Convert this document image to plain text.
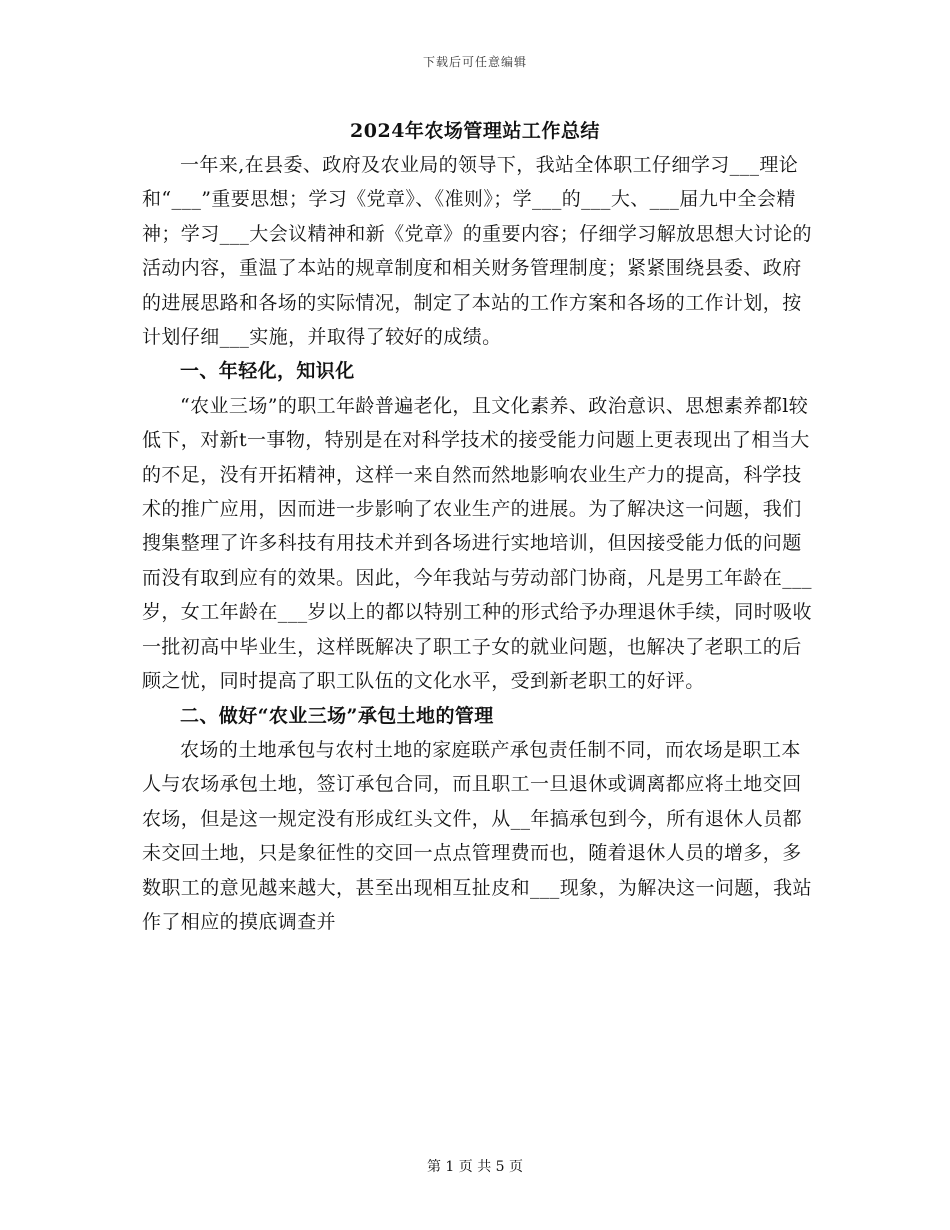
下载后可任意编辑
2024年农场管理站工作总结

一年来,在县委、政府及农业局的领导下，我站全体职工仔细学习___理论和“___”重要思想；学习《党章》、《准则》；学___的___大、___届九中全会精神；学习___大会议精神和新《党章》的重要内容；仔细学习解放思想大讨论的活动内容，重温了本站的规章制度和相关财务管理制度；紧紧围绕县委、政府的进展思路和各场的实际情况，制定了本站的工作方案和各场的工作计划，按计划仔细___实施，并取得了较好的成绩。

一、年轻化，知识化

“农业三场”的职工年龄普遍老化，且文化素养、政治意识、思想素养都l较低下，对新t一事物，特别是在对科学技术的接受能力问题上更表现出了相当大的不足，没有开拓精神，这样一来自然而然地影响农业生产力的提高，科学技术的推广应用，因而进一步影响了农业生产的进展。为了解决这一问题，我们搜集整理了许多科技有用技术并到各场进行实地培训，但因接受能力低的问题而没有取到应有的效果。因此，今年我站与劳动部门协商，凡是男工年龄在___岁，女工年龄在___岁以上的都以特别工种的形式给予办理退休手续，同时吸收一批初高中毕业生，这样既解决了职工子女的就业问题，也解决了老职工的后顾之忧，同时提高了职工队伍的文化水平，受到新老职工的好评。

二、做好“农业三场”承包土地的管理

农场的土地承包与农村土地的家庭联产承包责任制不同，而农场是职工本人与农场承包土地，签订承包合同，而且职工一旦退休或调离都应将土地交回农场，但是这一规定没有形成红头文件，从__年搞承包到今，所有退休人员都未交回土地，只是象征性的交回一点点管理费而也，随着退休人员的增多，多数职工的意见越来越大，甚至出现相互扯皮和___现象，为解决这一问题，我站作了相应的摸底调查并

第 1 页 共 5 页
